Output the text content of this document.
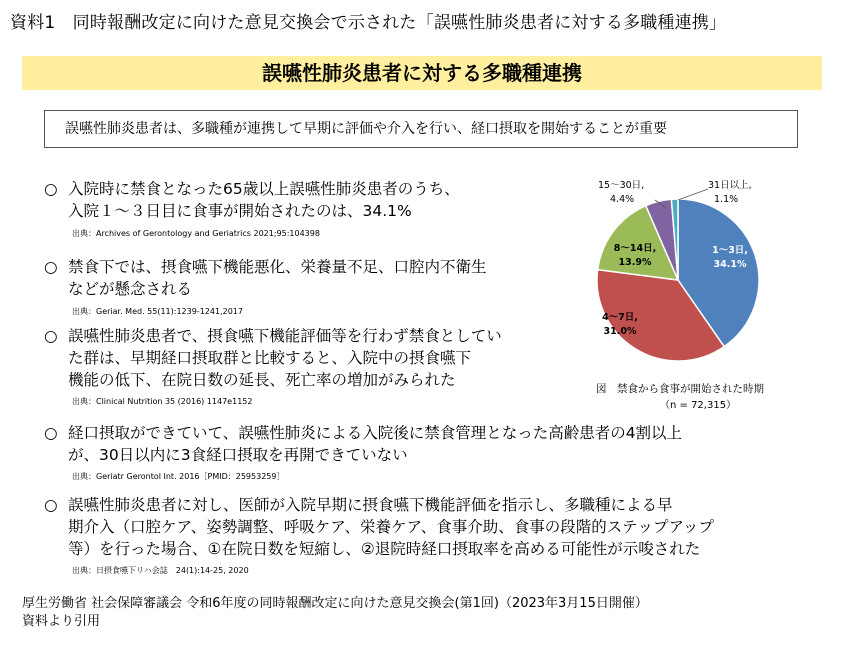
資料1　同時報酬改定に向けた意見交換会で示された「誤嚥性肺炎患者に対する多職種連携」
誤嚥性肺炎患者に対する多職種連携
誤嚥性肺炎患者は、多職種が連携して早期に評価や介入を行い、経口摂取を開始することが重要
○ 入院時に禁食となった65歳以上誤嚥性肺炎患者のうち、
入院１〜３日目に食事が開始されたのは、34.1%
出典：Archives of Gerontology and Geriatrics 2021;95:104398
○ 禁食下では、摂食嚥下機能悪化、栄養量不足、口腔内不衛生
などが懸念される
出典：Geriar. Med. 55(11):1239-1241,2017
○ 誤嚥性肺炎患者で、摂食嚥下機能評価等を行わず禁食としてい
た群は、早期経口摂取群と比較すると、入院中の摂食嚥下
機能の低下、在院日数の延長、死亡率の増加がみられた
出典：Clinical Nutrition 35 (2016) 1147e1152
○ 経口摂取ができていて、誤嚥性肺炎による入院後に禁食管理となった高齢患者の4割以上
が、30日以内に3食経口摂取を再開できていない
出典：Geriatr Gerontol Int. 2016［PMID：25953259］
○ 誤嚥性肺炎患者に対し、医師が入院早期に摂食嚥下機能評価を指示し、多職種による早
期介入（口腔ケア、姿勢調整、呼吸ケア、栄養ケア、食事介助、食事の段階的ステップアップ
等）を行った場合、①在院日数を短縮し、②退院時経口摂取率を高める可能性が示唆された
出典：日摂食嚥下リハ会誌　24(1):14-25, 2020
1〜3日,
34.1%
4〜7日,
31.0%
8〜14日,
13.9%
15〜30日,
4.4%
31日以上,
1.1%
図　禁食から食事が開始された時期
（n = 72,315）
厚生労働省 社会保障審議会 令和6年度の同時報酬改定に向けた意見交換会(第1回)（2023年3月15日開催）
資料より引用
